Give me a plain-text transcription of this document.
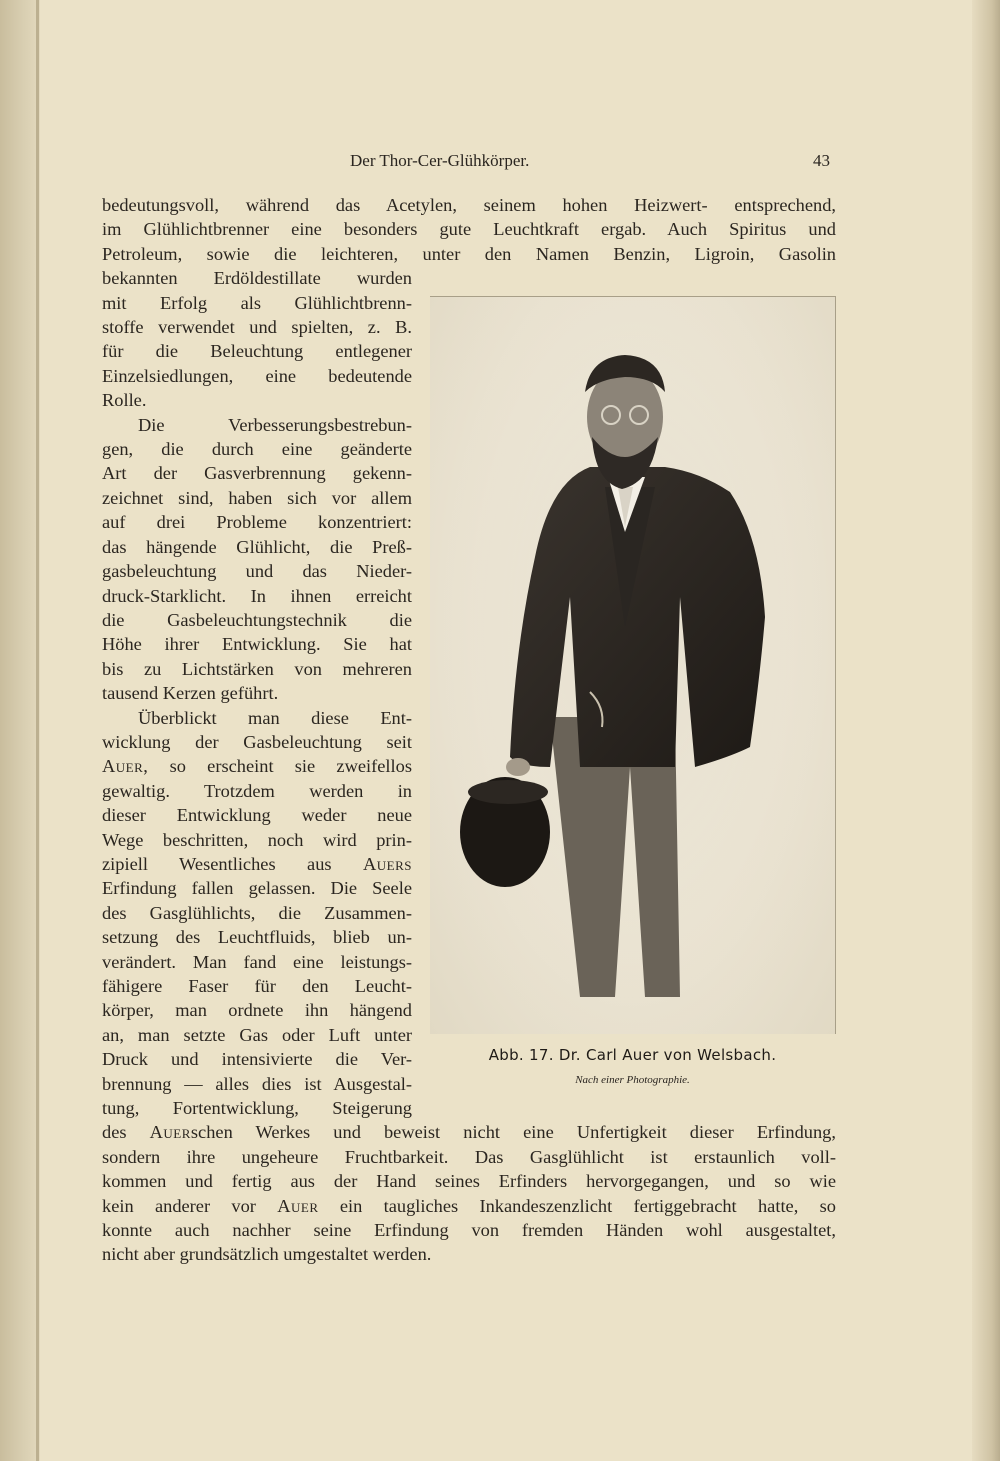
Der Thor-Cer-Glühkörper.	43
bedeutungsvoll, während das Acetylen, seinem hohen Heizwert- entsprechend,
im Glühlichtbrenner eine besonders gute Leuchtkraft ergab. Auch Spiritus und
Petroleum, sowie die leichteren, unter den Namen Benzin, Ligroin, Gasolin
bekannten Erdöldestillate wurden
mit Erfolg als Glühlichtbrenn-
stoffe verwendet und spielten, z. B.
für die Beleuchtung entlegener
Einzelsiedlungen, eine bedeutende
Rolle.
Die Verbesserungsbestrebun-
gen, die durch eine geänderte
Art der Gasverbrennung gekenn-
zeichnet sind, haben sich vor allem
auf drei Probleme konzentriert:
das hängende Glühlicht, die Preß-
gasbeleuchtung und das Nieder-
druck-Starklicht. In ihnen erreicht
die Gasbeleuchtungstechnik die
Höhe ihrer Entwicklung. Sie hat
bis zu Lichtstärken von mehreren
tausend Kerzen geführt.
Überblickt man diese Ent-
wicklung der Gasbeleuchtung seit
Auer, so erscheint sie zweifellos
gewaltig. Trotzdem werden in
dieser Entwicklung weder neue
Wege beschritten, noch wird prin-
zipiell Wesentliches aus Auers
Erfindung fallen gelassen. Die Seele
des Gasglühlichts, die Zusammen-
setzung des Leuchtfluids, blieb un-
verändert. Man fand eine leistungs-
fähigere Faser für den Leucht-
körper, man ordnete ihn hängend
an, man setzte Gas oder Luft unter
Druck und intensivierte die Ver-
brennung — alles dies ist Ausgestal-
tung, Fortentwicklung, Steigerung
des Auerschen Werkes und beweist nicht eine Unfertigkeit dieser Erfindung,
sondern ihre ungeheure Fruchtbarkeit. Das Gasglühlicht ist erstaunlich voll-
kommen und fertig aus der Hand seines Erfinders hervorgegangen, und so wie
kein anderer vor Auer ein taugliches Inkandeszenzlicht fertiggebracht hatte, so
konnte auch nachher seine Erfindung von fremden Händen wohl ausgestaltet,
nicht aber grundsätzlich umgestaltet werden.
Abb. 17. Dr. Carl Auer von Welsbach.
Nach einer Photographie.
